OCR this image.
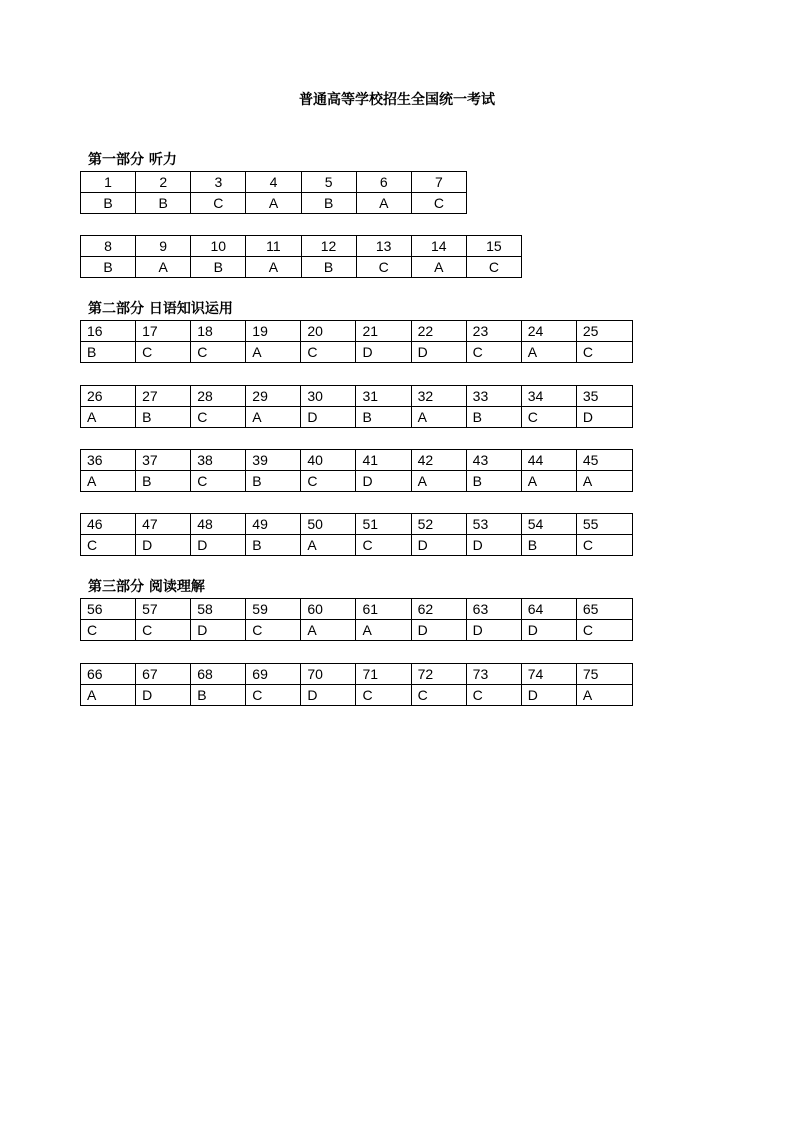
普通高等学校招生全国统一考试
第一部分 听力
1	2	3	4	5	6	7
B	B	C	A	B	A	C
8	9	10	11	12	13	14	15
B	A	B	A	B	C	A	C
第二部分 日语知识运用
16	17	18	19	20	21	22	23	24	25
B	C	C	A	C	D	D	C	A	C
26	27	28	29	30	31	32	33	34	35
A	B	C	A	D	B	A	B	C	D
36	37	38	39	40	41	42	43	44	45
A	B	C	B	C	D	A	B	A	A
46	47	48	49	50	51	52	53	54	55
C	D	D	B	A	C	D	D	B	C
第三部分 阅读理解
56	57	58	59	60	61	62	63	64	65
C	C	D	C	A	A	D	D	D	C
66	67	68	69	70	71	72	73	74	75
A	D	B	C	D	C	C	C	D	A
